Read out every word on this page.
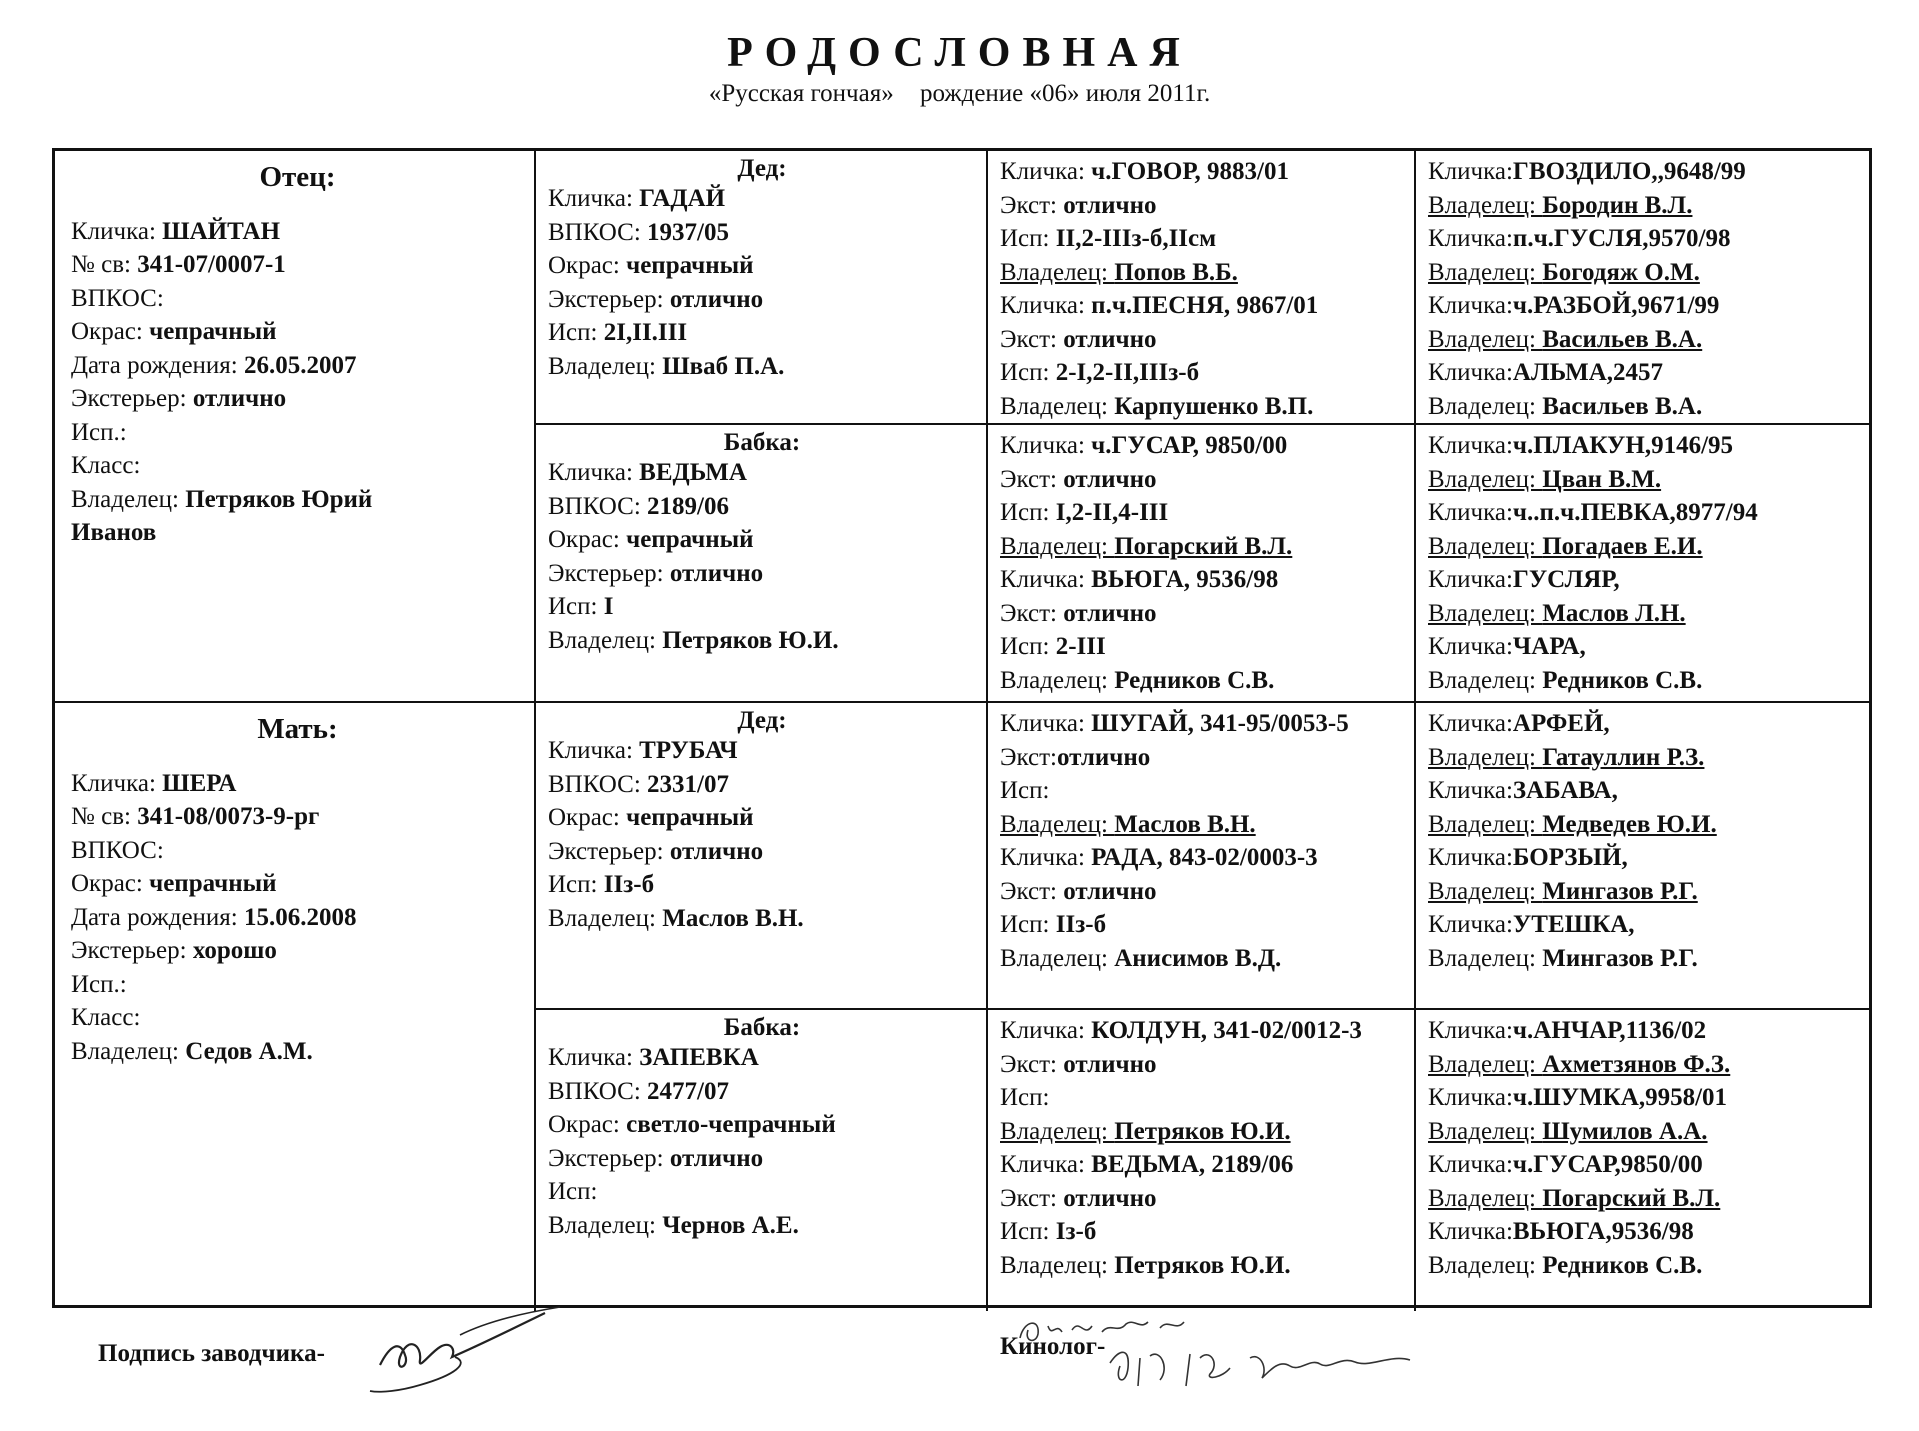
РОДОСЛОВНАЯ
«Русская гончая» рождение «06» июля 2011г.
Отец:
Кличка: ШАЙТАН
№ св: 341-07/0007-1
ВПКОС:
Окрас: чепрачный
Дата рождения: 26.05.2007
Экстерьер: отлично
Исп.:
Класс:
Владелец: Петряков Юрий
Иванов
Мать:
Кличка: ШЕРА
№ св: 341-08/0073-9-рг
ВПКОС:
Окрас: чепрачный
Дата рождения: 15.06.2008
Экстерьер: хорошо
Исп.:
Класс:
Владелец: Седов А.М.
Дед:
Кличка: ГАДАЙ
ВПКОС: 1937/05
Окрас: чепрачный
Экстерьер: отлично
Исп: 2I,II.III
Владелец: Шваб П.А.
Бабка:
Кличка: ВЕДЬМА
ВПКОС: 2189/06
Окрас: чепрачный
Экстерьер: отлично
Исп: I
Владелец: Петряков Ю.И.
Дед:
Кличка: ТРУБАЧ
ВПКОС: 2331/07
Окрас: чепрачный
Экстерьер: отлично
Исп: IIз-б
Владелец: Маслов В.Н.
Бабка:
Кличка: ЗАПЕВКА
ВПКОС: 2477/07
Окрас: светло-чепрачный
Экстерьер: отлично
Исп:
Владелец: Чернов А.Е.
Кличка: ч.ГОВОР, 9883/01
Экст: отлично
Исп: II,2-IIIз-б,IIсм
Владелец: Попов В.Б.
Кличка: п.ч.ПЕСНЯ, 9867/01
Экст: отлично
Исп: 2-I,2-II,IIIз-б
Владелец: Карпушенко В.П.
Кличка: ч.ГУСАР, 9850/00
Экст: отлично
Исп: I,2-II,4-III
Владелец: Погарский В.Л.
Кличка: ВЬЮГА, 9536/98
Экст: отлично
Исп: 2-III
Владелец: Редников С.В.
Кличка: ШУГАЙ, 341-95/0053-5
Экст:отлично
Исп:
Владелец: Маслов В.Н.
Кличка: РАДА, 843-02/0003-3
Экст: отлично
Исп: IIз-б
Владелец: Анисимов В.Д.
Кличка: КОЛДУН, 341-02/0012-3
Экст: отлично
Исп:
Владелец: Петряков Ю.И.
Кличка: ВЕДЬМА, 2189/06
Экст: отлично
Исп: Iз-б
Владелец: Петряков Ю.И.
Кличка:ГВОЗДИЛО,,9648/99
Владелец: Бородин В.Л.
Кличка:п.ч.ГУСЛЯ,9570/98
Владелец: Богодяж О.М.
Кличка:ч.РАЗБОЙ,9671/99
Владелец: Васильев В.А.
Кличка:АЛЬМА,2457
Владелец: Васильев В.А.
Кличка:ч.ПЛАКУН,9146/95
Владелец: Цван В.М.
Кличка:ч..п.ч.ПЕВКА,8977/94
Владелец: Погадаев Е.И.
Кличка:ГУСЛЯР,
Владелец: Маслов Л.Н.
Кличка:ЧАРА,
Владелец: Редников С.В.
Кличка:АРФЕЙ,
Владелец: Гатауллин Р.З.
Кличка:ЗАБАВА,
Владелец: Медведев Ю.И.
Кличка:БОРЗЫЙ,
Владелец: Мингазов Р.Г.
Кличка:УТЕШКА,
Владелец: Мингазов Р.Г.
Кличка:ч.АНЧАР,1136/02
Владелец: Ахметзянов Ф.З.
Кличка:ч.ШУМКА,9958/01
Владелец: Шумилов А.А.
Кличка:ч.ГУСАР,9850/00
Владелец: Погарский В.Л.
Кличка:ВЬЮГА,9536/98
Владелец: Редников С.В.
Подпись заводчика-	Кинолог-
